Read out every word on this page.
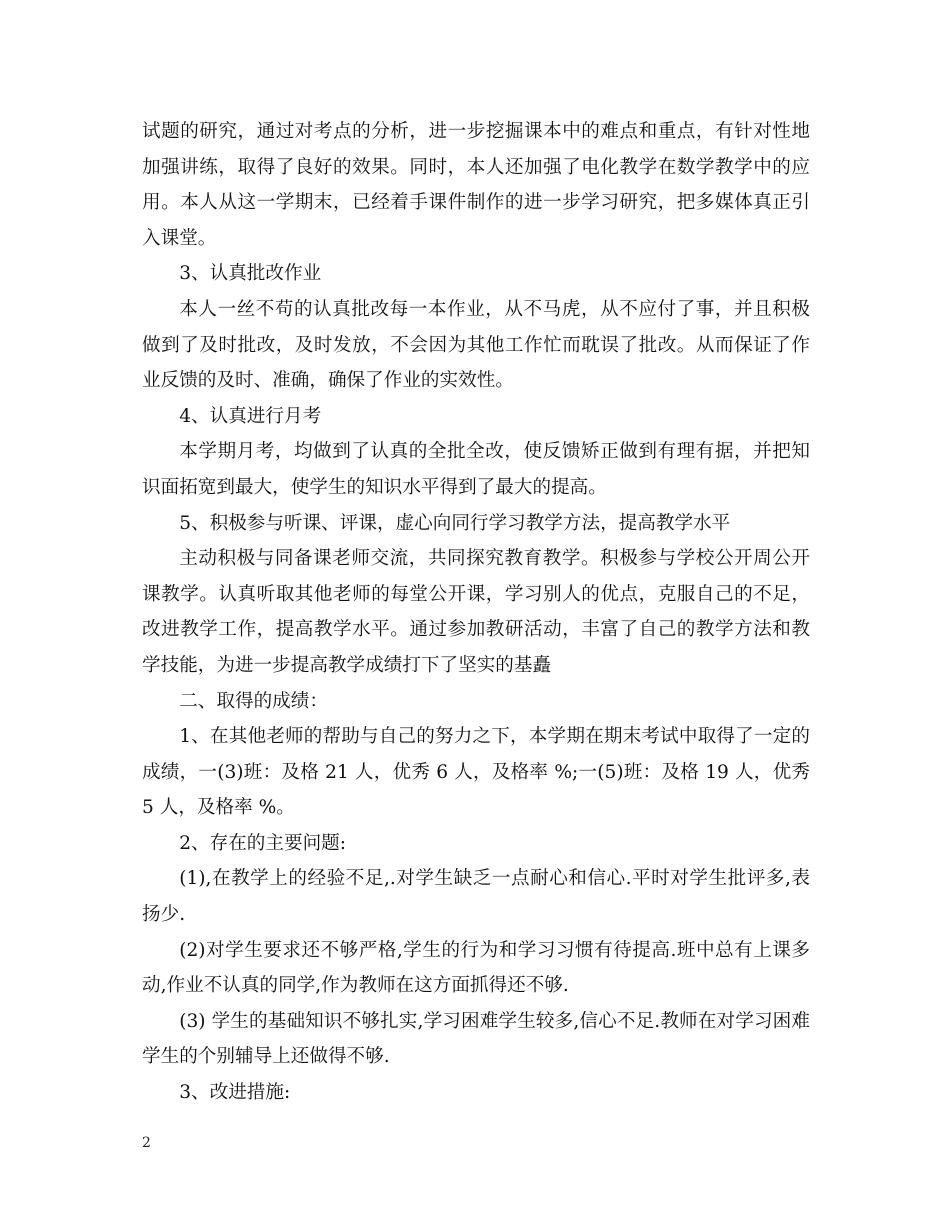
试题的研究，通过对考点的分析，进一步挖掘课本中的难点和重点，有针对性地加强讲练，取得了良好的效果。同时，本人还加强了电化教学在数学教学中的应用。本人从这一学期末，已经着手课件制作的进一步学习研究，把多媒体真正引入课堂。

3、认真批改作业

本人一丝不苟的认真批改每一本作业，从不马虎，从不应付了事，并且积极做到了及时批改，及时发放，不会因为其他工作忙而耽误了批改。从而保证了作业反馈的及时、准确，确保了作业的实效性。

4、认真进行月考

本学期月考，均做到了认真的全批全改，使反馈矫正做到有理有据，并把知识面拓宽到最大，使学生的知识水平得到了最大的提高。

5、积极参与听课、评课，虚心向同行学习教学方法，提高教学水平

主动积极与同备课老师交流，共同探究教育教学。积极参与学校公开周公开课教学。认真听取其他老师的每堂公开课，学习别人的优点，克服自己的不足，改进教学工作，提高教学水平。通过参加教研活动，丰富了自己的教学方法和教学技能，为进一步提高教学成绩打下了坚实的基矗

二、取得的成绩：

1、在其他老师的帮助与自己的努力之下，本学期在期末考试中取得了一定的成绩，一(3)班：及格 21 人，优秀 6 人，及格率 %;一(5)班：及格 19 人，优秀 5 人，及格率 %。

2、存在的主要问题:

(1),在教学上的经验不足,.对学生缺乏一点耐心和信心.平时对学生批评多,表扬少.

(2)对学生要求还不够严格,学生的行为和学习习惯有待提高.班中总有上课多动,作业不认真的同学,作为教师在这方面抓得还不够.

(3) 学生的基础知识不够扎实,学习困难学生较多,信心不足.教师在对学习困难学生的个别辅导上还做得不够.

3、改进措施:

2
